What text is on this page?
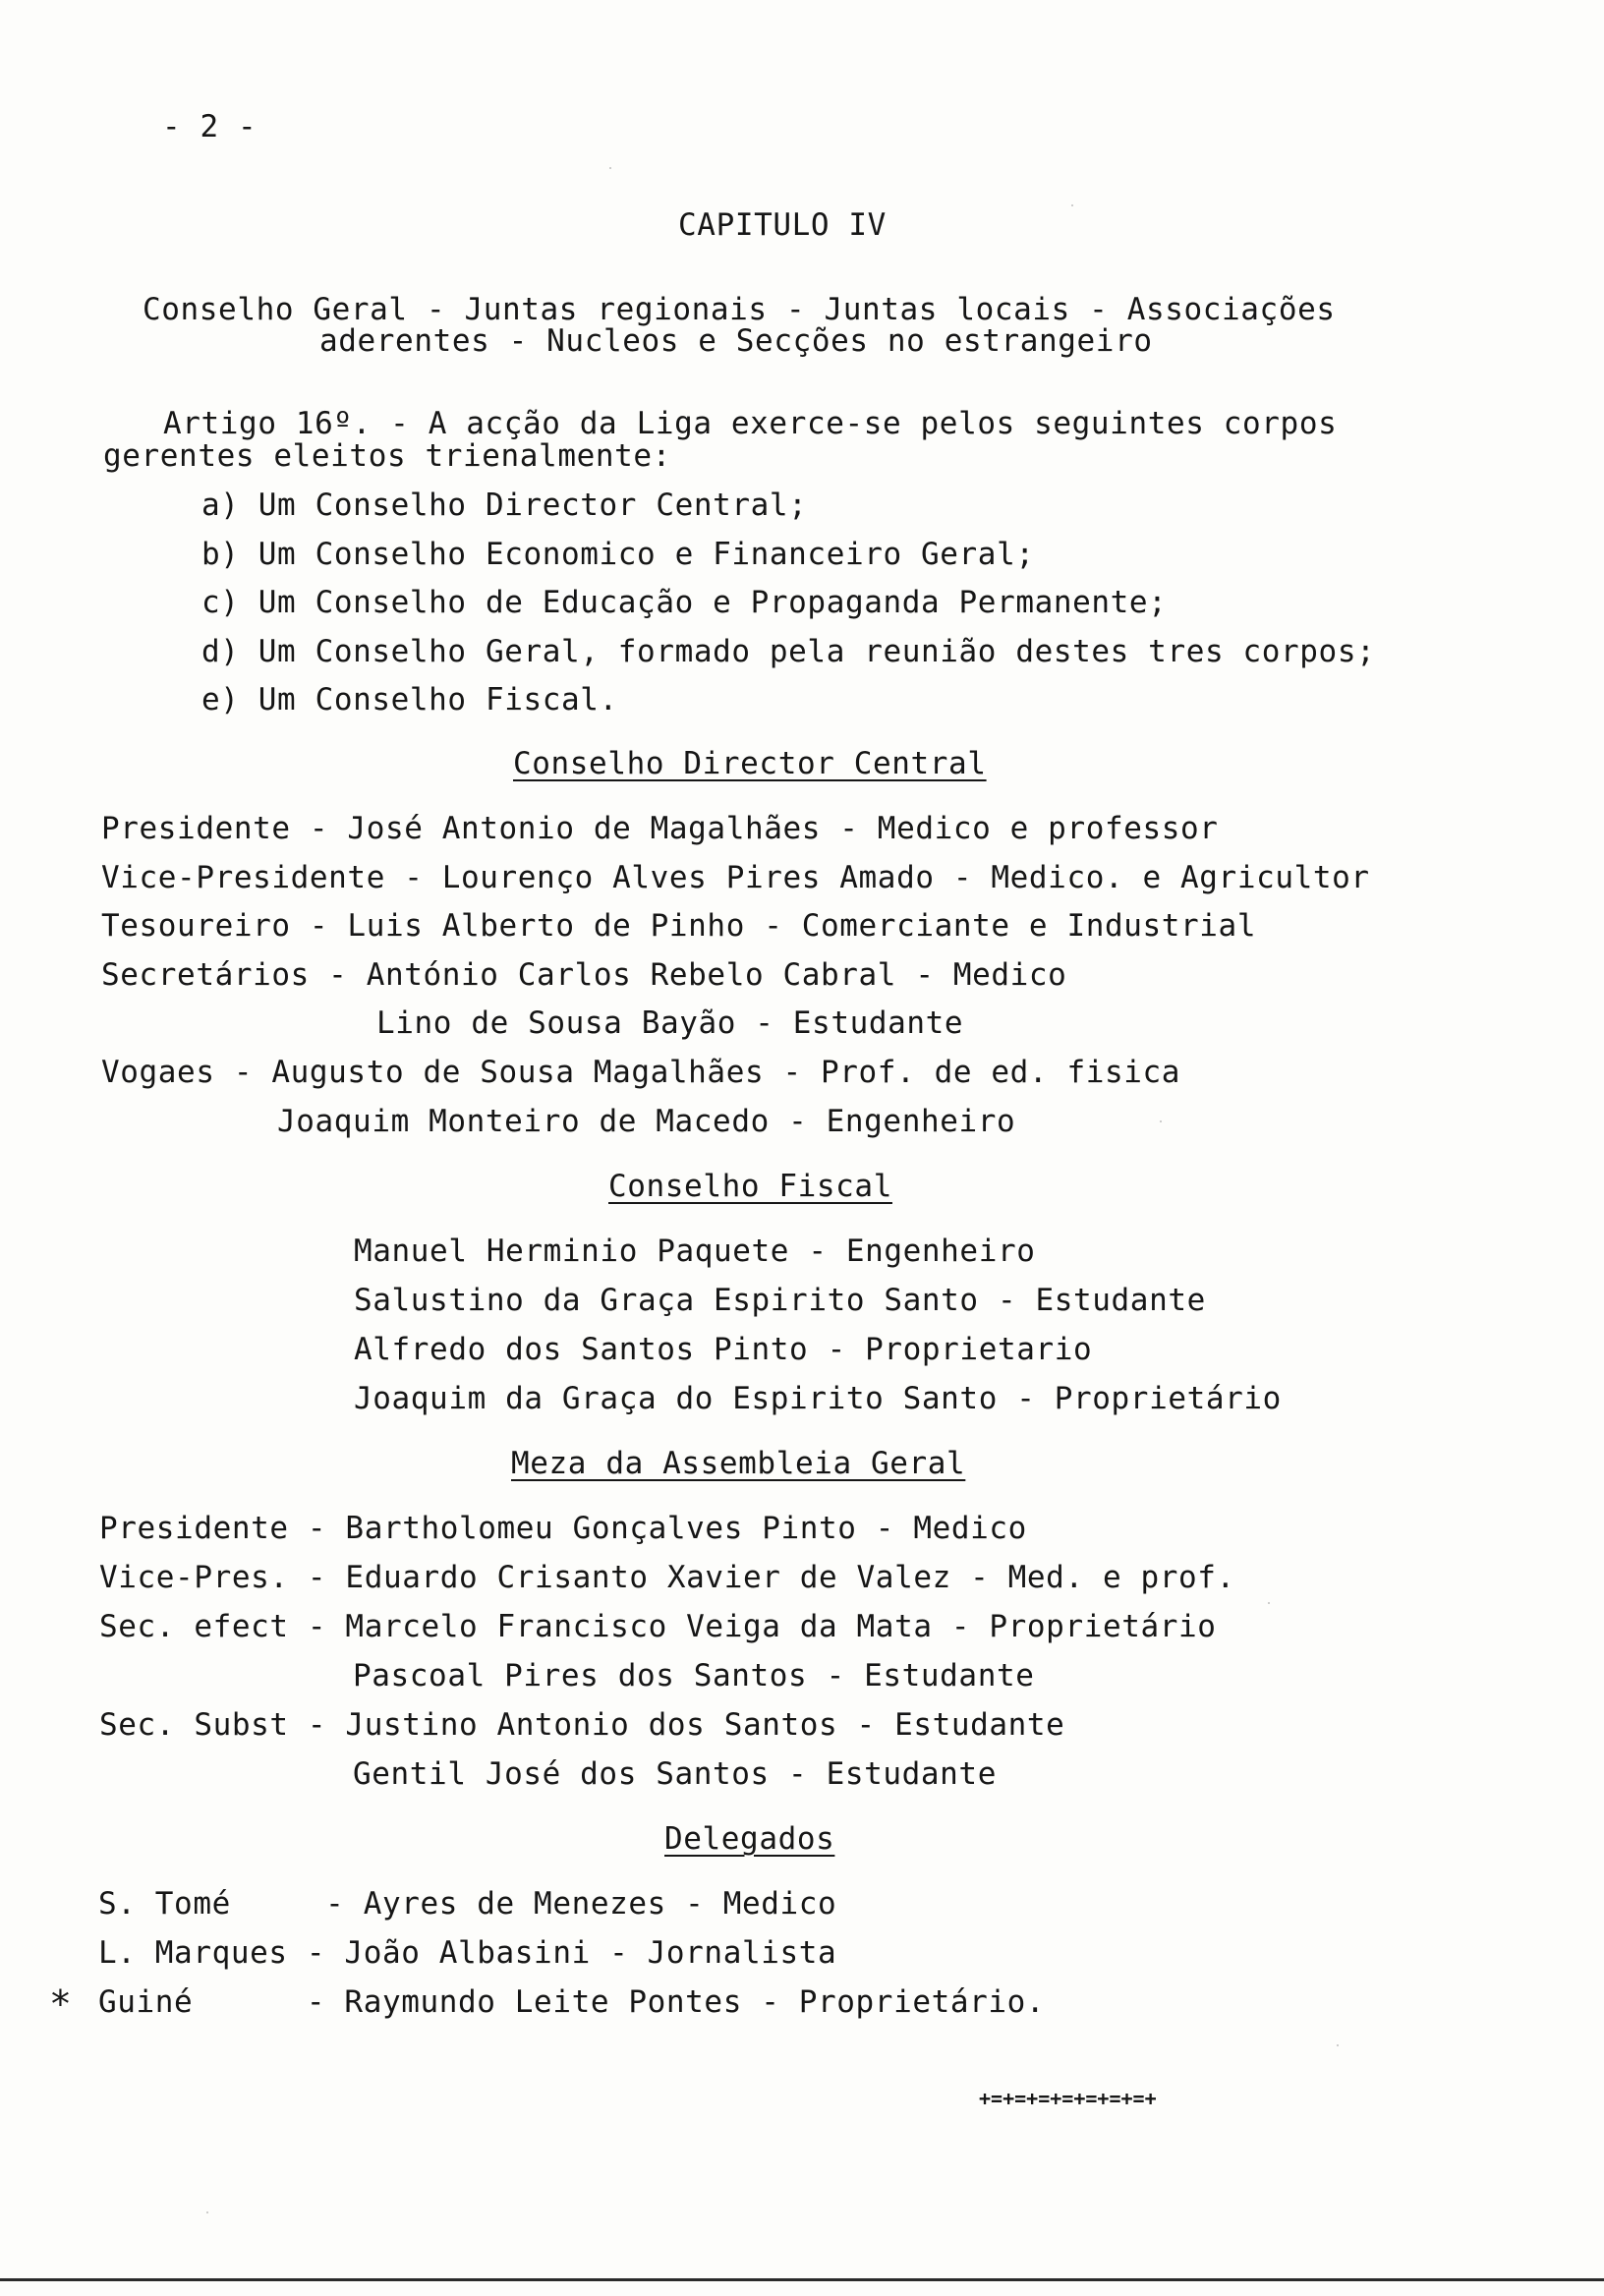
- 2 -
CAPITULO IV
Conselho Geral - Juntas regionais - Juntas locais - Associações
aderentes - Nucleos e Secções no estrangeiro
Artigo 16º. - A acção da Liga exerce-se pelos seguintes corpos
gerentes eleitos trienalmente:
a) Um Conselho Director Central;
b) Um Conselho Economico e Financeiro Geral;
c) Um Conselho de Educação e Propaganda Permanente;
d) Um Conselho Geral, formado pela reunião destes tres corpos;
e) Um Conselho Fiscal.
Conselho Director Central
Presidente - José Antonio de Magalhães - Medico e professor
Vice-Presidente - Lourenço Alves Pires Amado - Medico. e Agricultor
Tesoureiro - Luis Alberto de Pinho - Comerciante e Industrial
Secretários - António Carlos Rebelo Cabral - Medico
Lino de Sousa Bayão - Estudante
Vogaes - Augusto de Sousa Magalhães - Prof. de ed. fisica
Joaquim Monteiro de Macedo - Engenheiro
Conselho Fiscal
Manuel Herminio Paquete - Engenheiro
Salustino da Graça Espirito Santo - Estudante
Alfredo dos Santos Pinto - Proprietario
Joaquim da Graça do Espirito Santo - Proprietário
Meza da Assembleia Geral
Presidente - Bartholomeu Gonçalves Pinto - Medico
Vice-Pres. - Eduardo Crisanto Xavier de Valez - Med. e prof.
Sec. efect - Marcelo Francisco Veiga da Mata - Proprietário
Pascoal Pires dos Santos - Estudante
Sec. Subst - Justino Antonio dos Santos - Estudante
Gentil José dos Santos - Estudante
Delegados
S. Tomé     - Ayres de Menezes - Medico
L. Marques - João Albasini - Jornalista
* Guiné      - Raymundo Leite Pontes - Proprietário.
+=+=+=+=+=+=+=+
